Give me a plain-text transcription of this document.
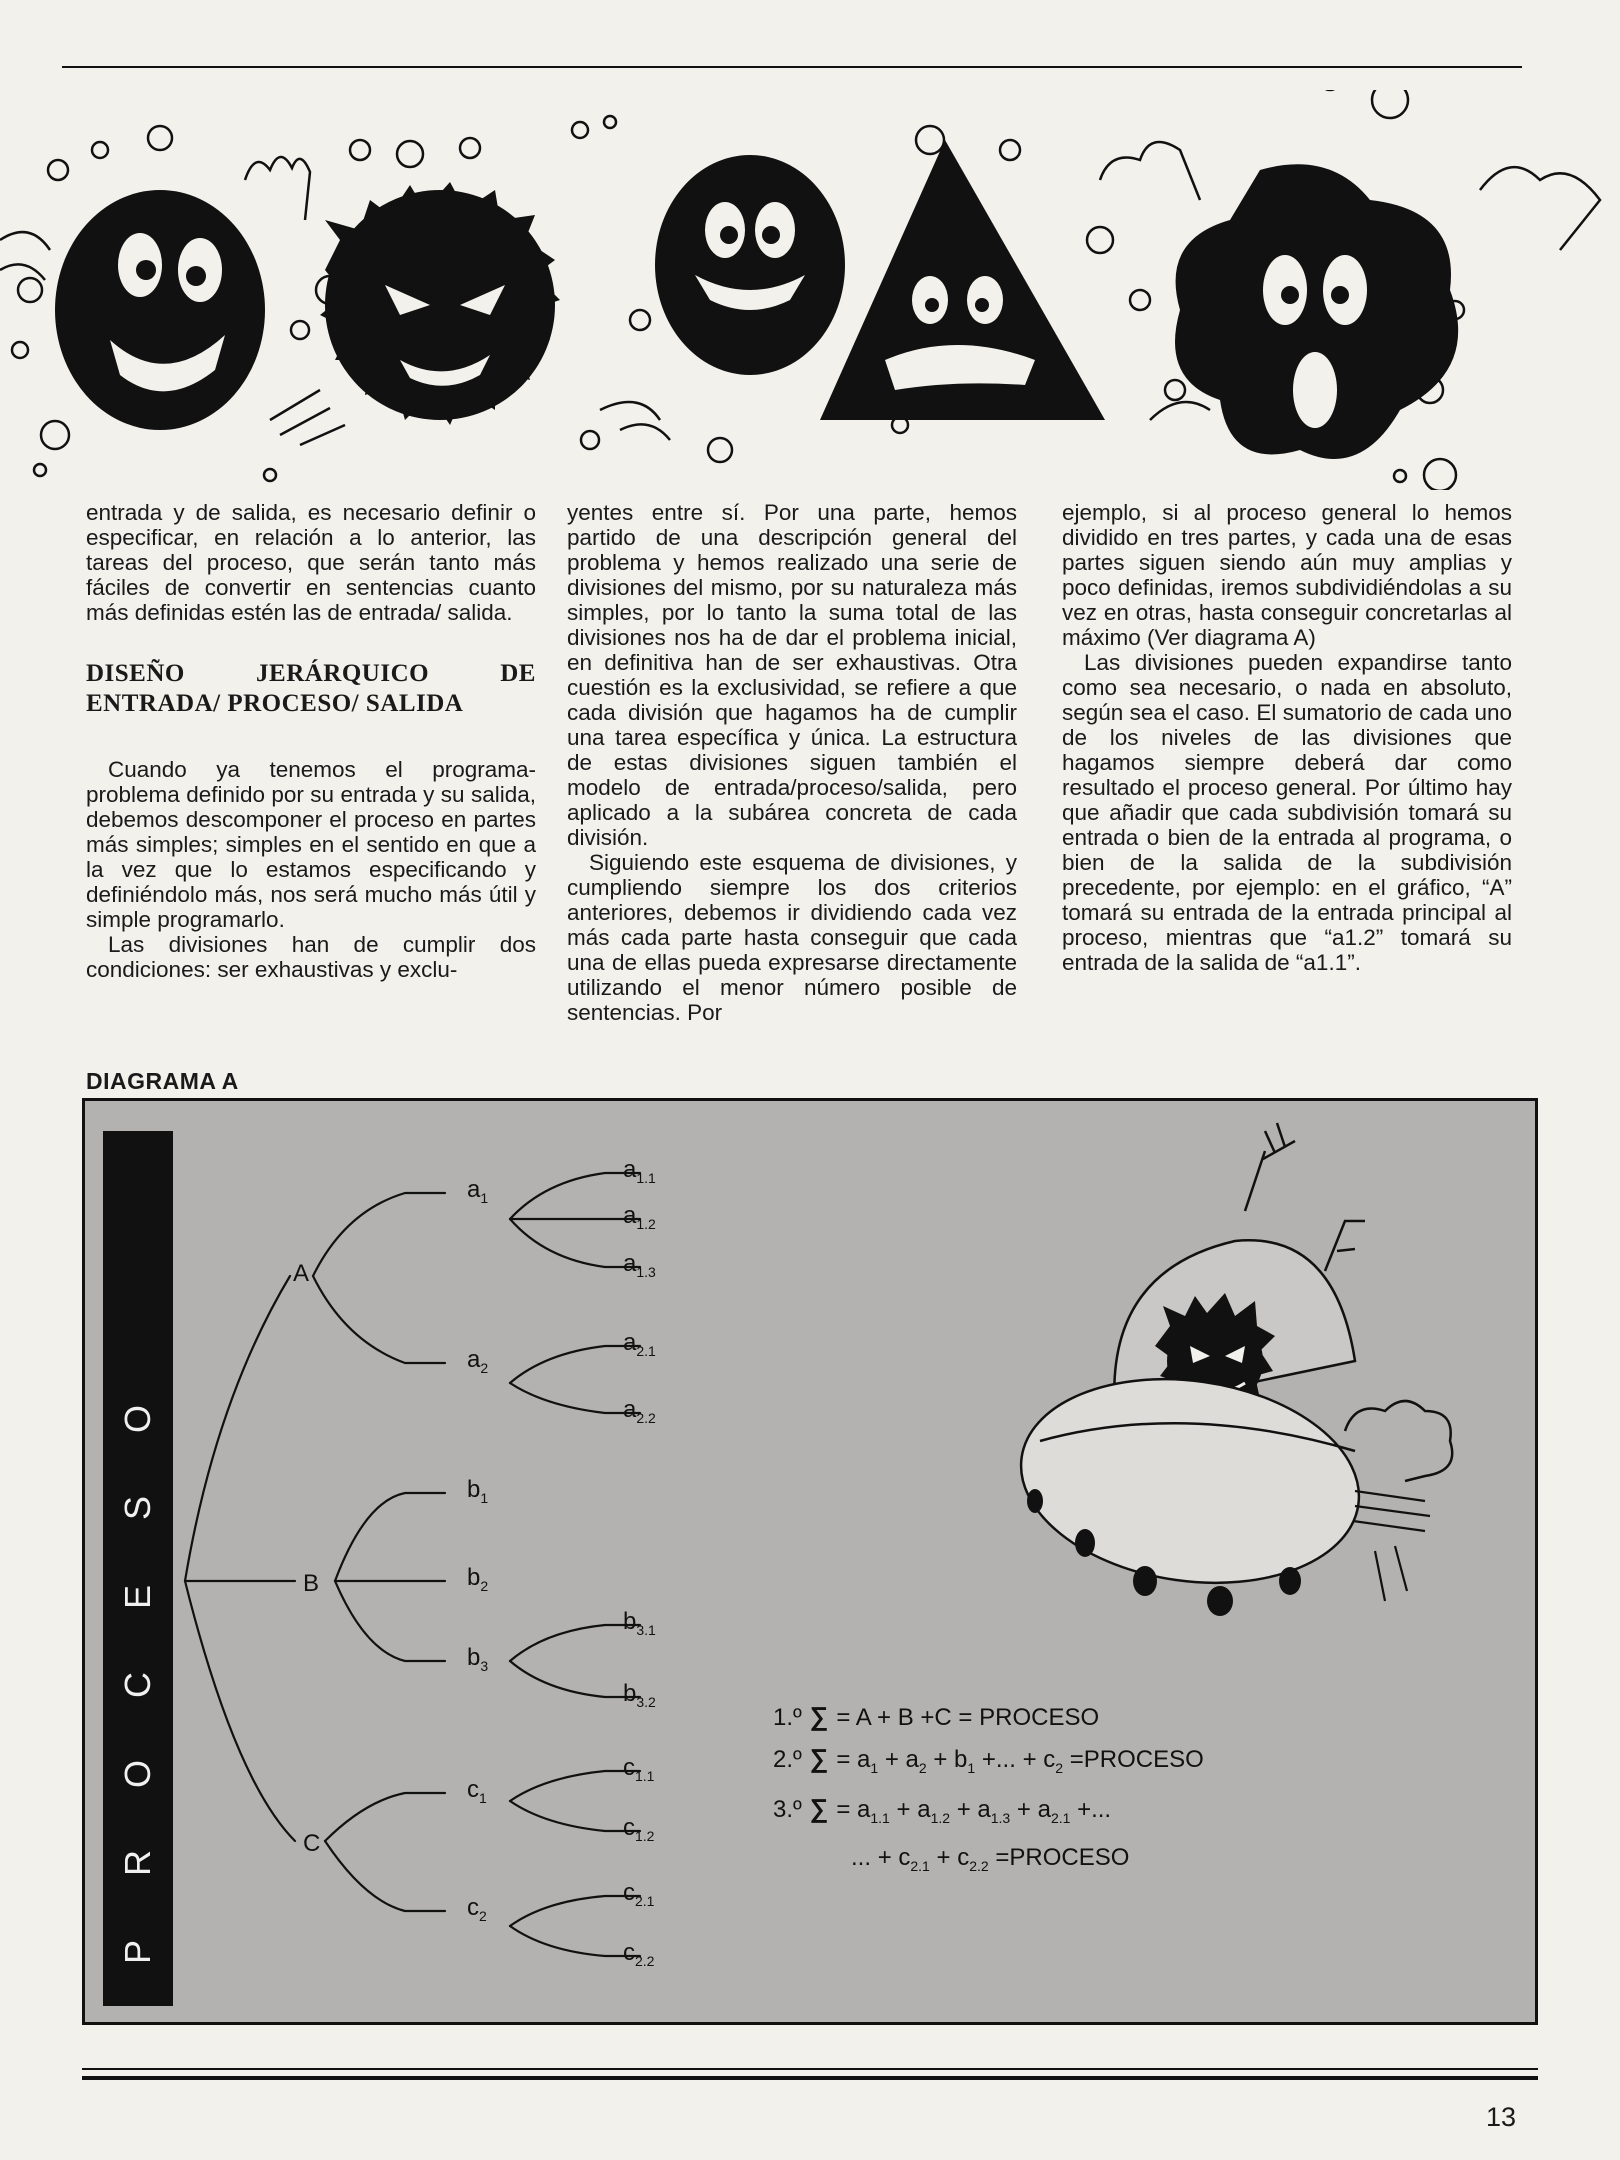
entrada y de salida, es necesario definir o especificar, en relación a lo anterior, las tareas del proceso, que serán tanto más fáciles de convertir en sentencias cuanto más definidas estén las de entrada/ salida.

DISEÑO JERÁRQUICO DE ENTRADA/ PROCESO/ SALIDA

Cuando ya tenemos el programa-problema definido por su entrada y su salida, debemos descomponer el proceso en partes más simples; simples en el sentido en que a la vez que lo estamos especificando y definiéndolo más, nos será mucho más útil y simple programarlo.

Las divisiones han de cumplir dos condiciones: ser exhaustivas y exclu-

yentes entre sí. Por una parte, hemos partido de una descripción general del problema y hemos realizado una serie de divisiones del mismo, por su naturaleza más simples, por lo tanto la suma total de las divisiones nos ha de dar el problema inicial, en definitiva han de ser exhaustivas. Otra cuestión es la exclusividad, se refiere a que cada división que hagamos ha de cumplir una tarea específica y única. La estructura de estas divisiones siguen también el modelo de entrada/proceso/salida, pero aplicado a la subárea concreta de cada división.

Siguiendo este esquema de divisiones, y cumpliendo siempre los dos criterios anteriores, debemos ir dividiendo cada vez más cada parte hasta conseguir que cada una de ellas pueda expresarse directamente utilizando el menor número posible de sentencias. Por

ejemplo, si al proceso general lo hemos dividido en tres partes, y cada una de esas partes siguen siendo aún muy amplias y poco definidas, iremos subdividiéndolas a su vez en otras, hasta conseguir concretarlas al máximo (Ver diagrama A)

Las divisiones pueden expandirse tanto como sea necesario, o nada en absoluto, según sea el caso. El sumatorio de cada uno de los niveles de las divisiones que hagamos siempre deberá dar como resultado el proceso general. Por último hay que añadir que cada subdivisión tomará su entrada o bien de la entrada al programa, o bien de la salida de la subdivisión precedente, por ejemplo: en el gráfico, “A” tomará su entrada de la entrada principal al proceso, mientras que “a1.2” tomará su entrada de la salida de “a1.1”.

DIAGRAMA A
P
R
O
C
E
S
O
A
B
C
$a_1$
$a_2$
$b_1$
$b_2$
$b_3$
$c_1$
$c_2$
$a_{1.1}$
$a_{1.2}$
$a_{1.3}$
$a_{2.1}$
$a_{2.2}$
$b_{3.1}$
$b_{3.2}$
$c_{1.1}$
$c_{1.2}$
$c_{2.1}$
$c_{2.2}$
1.º ∑ = A + B +C = PROCESO
2.º ∑ = $a_1 + a_2 + b_1$ +... + $c_2$ =PROCESO
3.º ∑ = $a_{1.1} + a_{1.2} + a_{1.3} + a_{2.1}$ +...
... + $c_{2.1} + c_{2.2}$ =PROCESO
13
